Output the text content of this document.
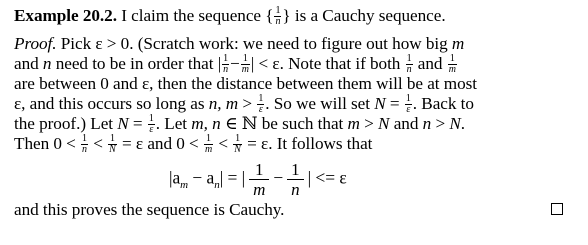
Example 20.2. I claim the sequence { $\frac{1}{n}$ } is a Cauchy sequence.
Proof. Pick ε > 0. (Scratch work: we need to figure out how big m
and n need to be in order that | $\frac{1}{n} - \frac{1}{m}$ | < ε. Note that if both $\frac{1}{n}$ and $\frac{1}{m}$
are between 0 and ε, then the distance between them will be at most
ε, and this occurs so long as n, $m > \frac{1}{\varepsilon}$ . So we will set $N = \frac{1}{\varepsilon}$ . Back to
the proof.) Let $N = \frac{1}{\varepsilon}$ . Let m, n ∈ ℕ be such that m > N and n > N.
Then $0 < \frac{1}{n} < \frac{1}{N} = \varepsilon$ and $0 < \frac{1}{m} < \frac{1}{N} = \varepsilon$. It follows that
$|a_m - a_n|$ = | $\frac{1}{m} - \frac{1}{n}$ | <= ε
and this proves the sequence is Cauchy.
